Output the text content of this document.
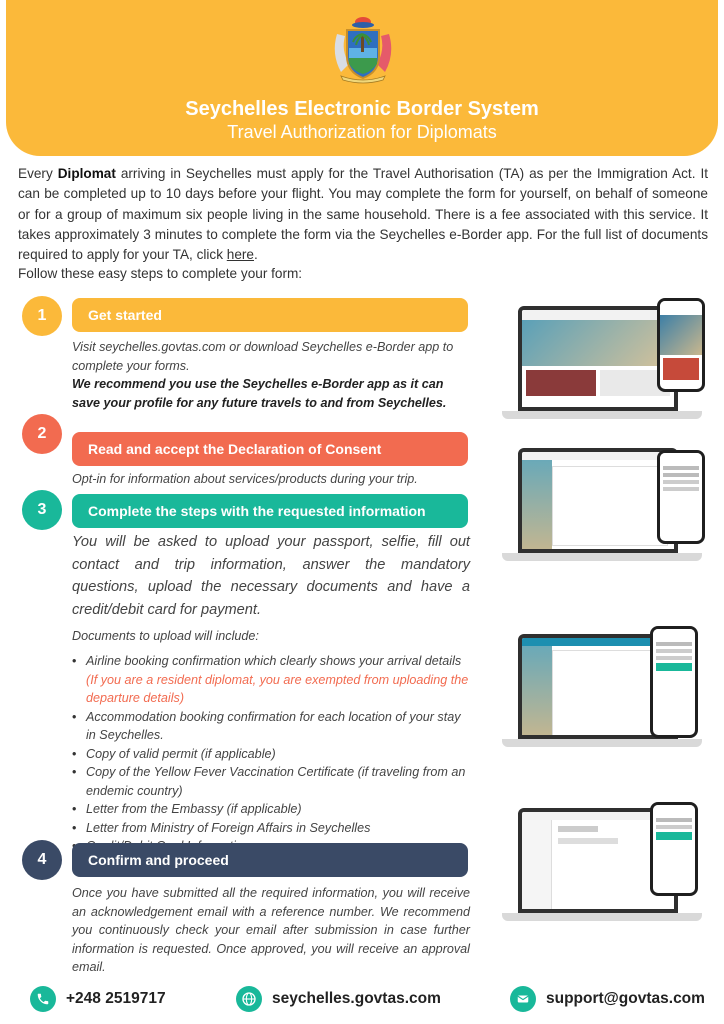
Seychelles Electronic Border System
Travel Authorization for Diplomats
Every Diplomat arriving in Seychelles must apply for the Travel Authorisation (TA) as per the Immigration Act. It can be completed up to 10 days before your flight. You may complete the form for yourself, on behalf of someone or for a group of maximum six people living in the same household. There is a fee associated with this service. It takes approximately 3 minutes to complete the form via the Seychelles e-Border app. For the full list of documents required to apply for your TA, click here.
Follow these easy steps to complete your form:
1	Get started
Visit seychelles.govtas.com or download Seychelles e-Border app to complete your forms.
We recommend you use the Seychelles e-Border app as it can save your profile for any future travels to and from Seychelles.
2
Read and accept the Declaration of Consent
Opt-in for information about services/products during your trip.
3	Complete the steps with the requested information
You will be asked to upload your passport, selfie, fill out contact and trip information, answer the mandatory questions, upload the necessary documents and have a credit/debit card for payment.
Documents to upload will include:
• Airline booking confirmation which clearly shows your arrival details (If you are a resident diplomat, you are exempted from uploading the departure details)
• Accommodation booking confirmation for each location of your stay in Seychelles.
• Copy of valid permit (if applicable)
• Copy of the Yellow Fever Vaccination Certificate (if traveling from an endemic country)
• Letter from the Embassy (if applicable)
• Letter from Ministry of Foreign Affairs in Seychelles
•
4	Confirm and proceed
Once you have submitted all the required information, you will receive an acknowledgement email with a reference number. We recommend you continuously check your email after submission in case further information is requested. Once approved, you will receive an approval email.
+248 2519717	seychelles.govtas.com	support@govtas.com
